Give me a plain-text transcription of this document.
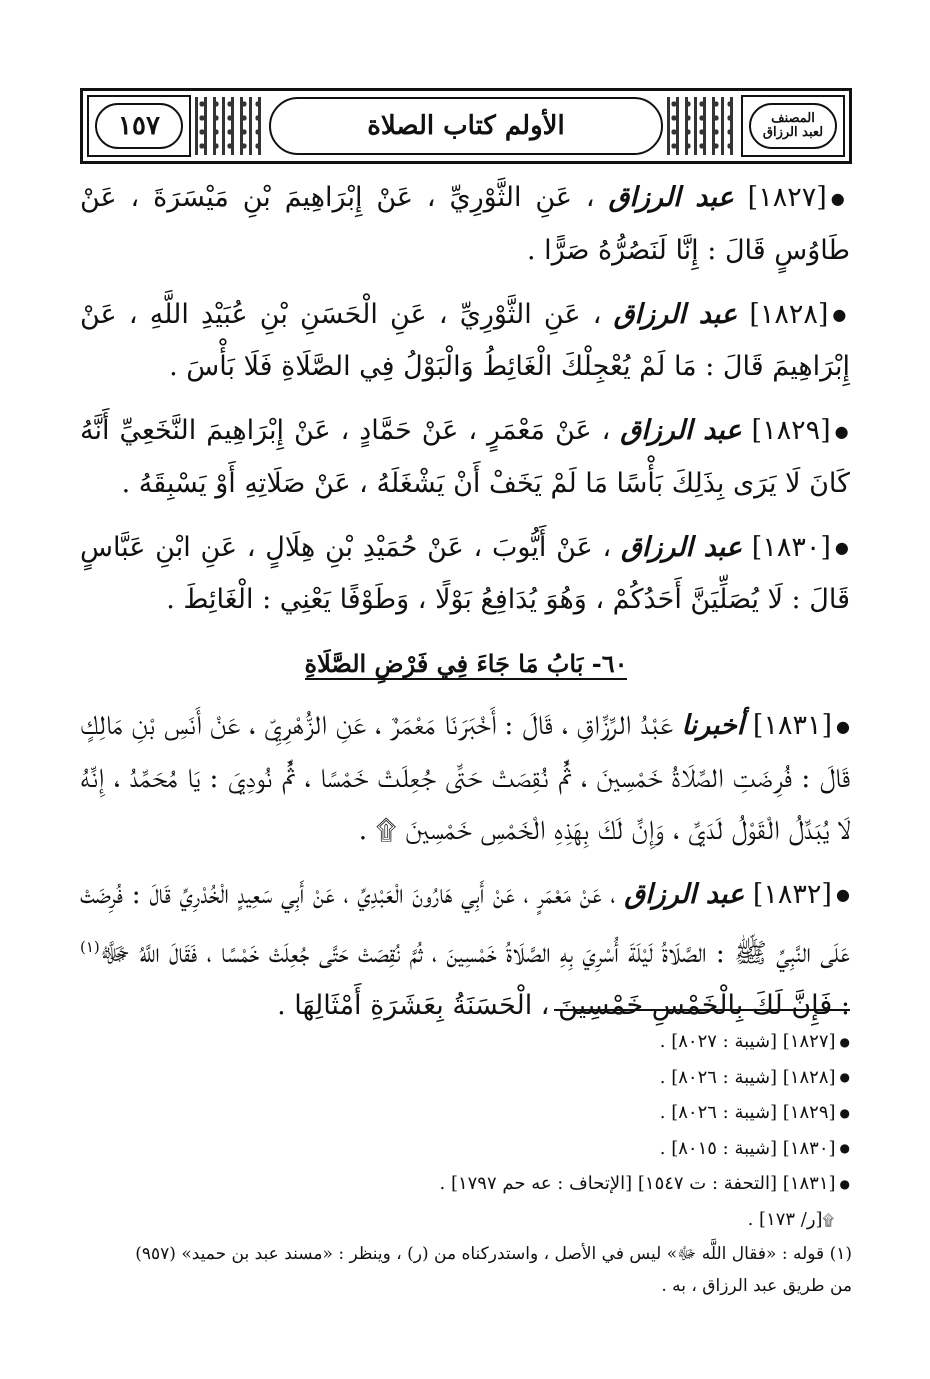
المصنف
لعبد الرزاق
الأولم كتاب الصلاة
١٥٧
●[١٨٢٧] عبد الرزاق ، عَنِ الثَّوْرِيِّ ، عَنْ إِبْرَاهِيمَ بْنِ مَيْسَرَةَ ، عَنْ طَاوُسٍ قَالَ : إِنَّا لَنَصُرُّهُ صَرًّا .
●[١٨٢٨] عبد الرزاق ، عَنِ الثَّوْرِيِّ ، عَنِ الْحَسَنِ بْنِ عُبَيْدِ اللَّهِ ، عَنْ إِبْرَاهِيمَ قَالَ : مَا لَمْ يُعْجِلْكَ الْغَائِطُ وَالْبَوْلُ فِي الصَّلَاةِ فَلَا بَأْسَ .
●[١٨٢٩] عبد الرزاق ، عَنْ مَعْمَرٍ ، عَنْ حَمَّادٍ ، عَنْ إِبْرَاهِيمَ النَّخَعِيِّ أَنَّهُ كَانَ لَا يَرَى بِذَلِكَ بَأْسًا مَا لَمْ يَخَفْ أَنْ يَشْغَلَهُ ، عَنْ صَلَاتِهِ أَوْ يَسْبِقَهُ .
●[١٨٣٠] عبد الرزاق ، عَنْ أَيُّوبَ ، عَنْ حُمَيْدِ بْنِ هِلَالٍ ، عَنِ ابْنِ عَبَّاسٍ قَالَ : لَا يُصَلِّيَنَّ أَحَدُكُمْ ، وَهُوَ يُدَافِعُ بَوْلًا ، وَطَوْفًا يَعْنِي : الْغَائِطَ .
٦٠- بَابُ مَا جَاءَ فِي فَرْضِ الصَّلَاةِ
●[١٨٣١] أخبرنا عَبْدُ الرَّزَّاقِ ، قَالَ : أَخْبَرَنَا مَعْمَرٌ ، عَنِ الزُّهْرِيِّ ، عَنْ أَنَسِ بْنِ مَالِكٍ قَالَ : فُرِضَتِ الصَّلَاةُ خَمْسِينَ ، ثُمَّ نُقِصَتْ حَتَّى جُعِلَتْ خَمْسًا ، ثُمَّ نُودِيَ : يَا مُحَمَّدُ ، إِنَّهُ لَا يُبَدَّلُ الْقَوْلُ لَدَيَّ ، وَإِنَّ لَكَ بِهَذِهِ الْخَمْسِ خَمْسِينَ ۩ .
●[١٨٣٢] عبد الرزاق ، عَنْ مَعْمَرٍ ، عَنْ أَبِي هَارُونَ الْعَبْدِيِّ ، عَنْ أَبِي سَعِيدٍ الْخُدْرِيِّ قَالَ : فُرِضَتْ عَلَى النَّبِيِّ ﷺ : الصَّلَاةُ لَيْلَةَ أُسْرِيَ بِهِ الصَّلَاةُ خَمْسِينَ ، ثُمَّ نُقِصَتْ حَتَّى جُعِلَتْ خَمْسًا ، فَقَالَ اللَّهُ ﷻ$^{(١)}$ : فَإِنَّ لَكَ بِالْخَمْسِ خَمْسِينَ ، الْحَسَنَةُ بِعَشَرَةِ أَمْثَالِهَا .
●[١٨٢٧] [شيبة : ٨٠٢٧] .
●[١٨٢٨] [شيبة : ٨٠٢٦] .
●[١٨٢٩] [شيبة : ٨٠٢٦] .
●[١٨٣٠] [شيبة : ٨٠١٥] .
●[١٨٣١] [التحفة : ت ١٥٤٧] [الإتحاف : عه حم ١٧٩٧] .
۩[ر/ ١٧٣] .
(١) قوله : «فقال اللَّه ﷻ» ليس في الأصل ، واستدركناه من (ر) ، وينظر : «مسند عبد بن حميد» (٩٥٧)
من طريق عبد الرزاق ، به .
